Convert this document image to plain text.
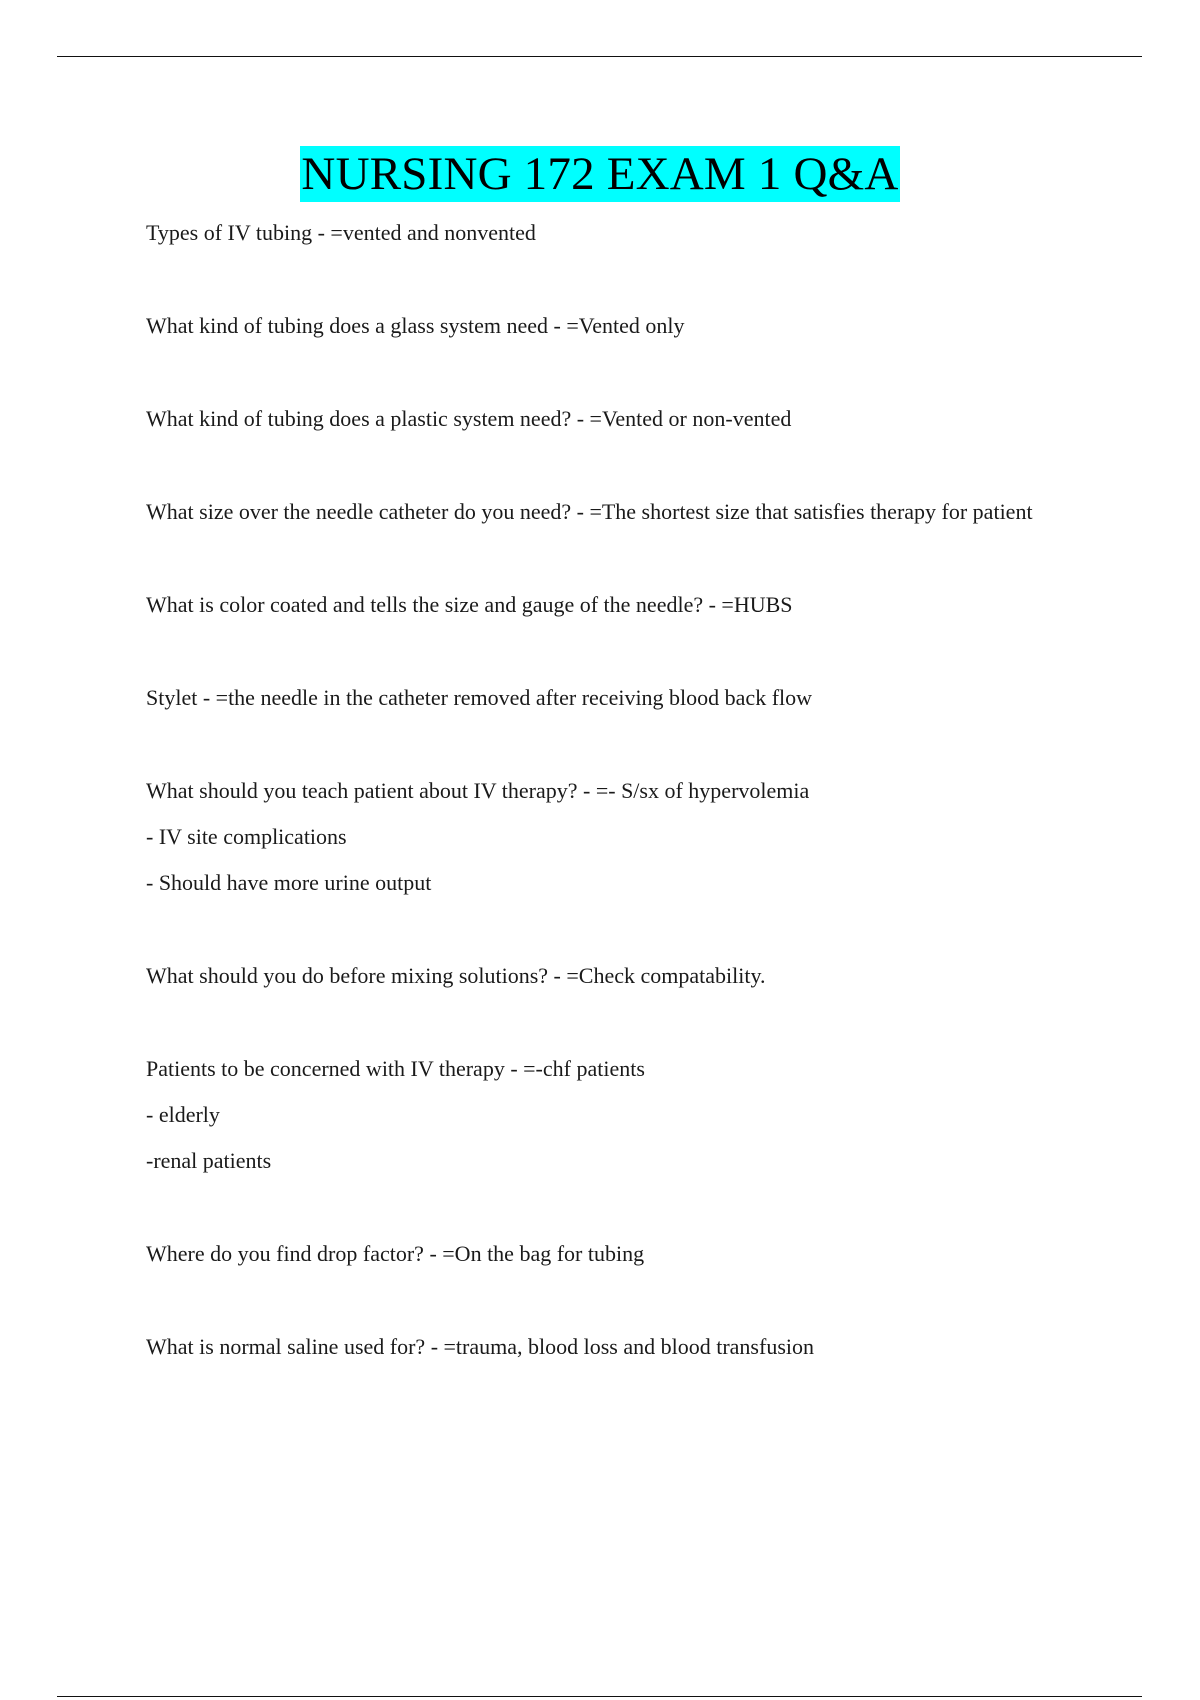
NURSING 172 EXAM 1 Q&A

Types of IV tubing - =vented and nonvented

What kind of tubing does a glass system need - =Vented only

What kind of tubing does a plastic system need? - =Vented or non-vented

What size over the needle catheter do you need? - =The shortest size that satisfies therapy for patient

What is color coated and tells the size and gauge of the needle? - =HUBS

Stylet - =the needle in the catheter removed after receiving blood back flow

What should you teach patient about IV therapy? - =- S/sx of hypervolemia

- IV site complications

- Should have more urine output

What should you do before mixing solutions? - =Check compatability.

Patients to be concerned with IV therapy - =-chf patients

- elderly

-renal patients

Where do you find drop factor? - =On the bag for tubing

What is normal saline used for? - =trauma, blood loss and blood transfusion
